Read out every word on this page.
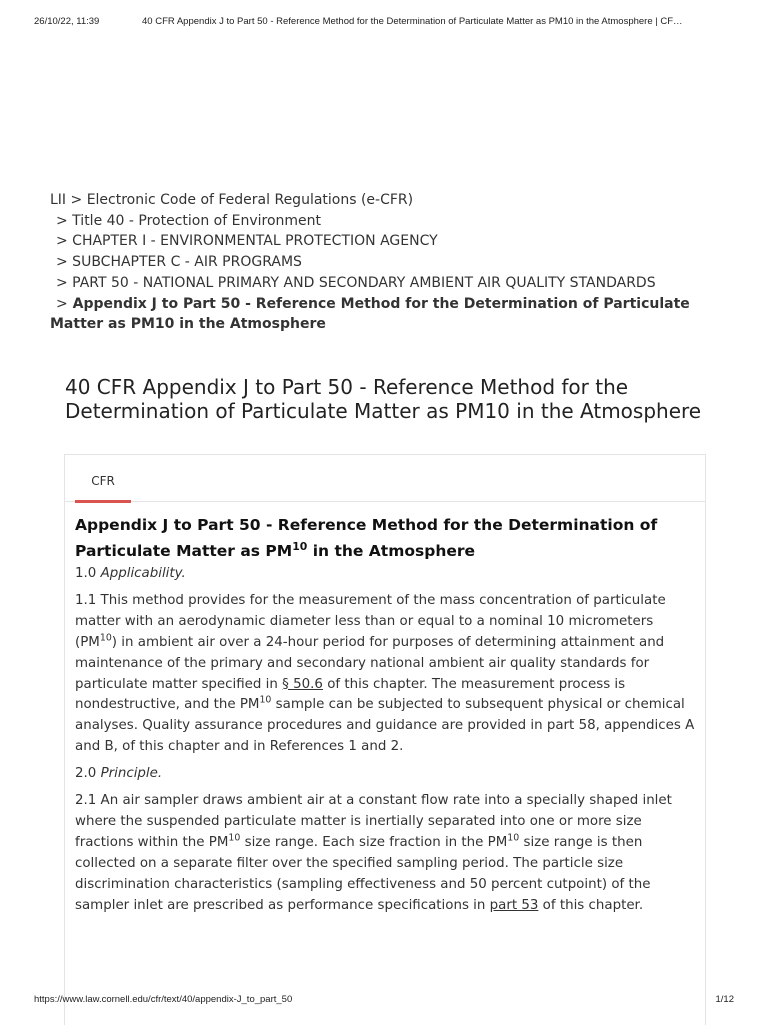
26/10/22, 11:39	40 CFR Appendix J to Part 50 - Reference Method for the Determination of Particulate Matter as PM10 in the Atmosphere | CF…
LII > Electronic Code of Federal Regulations (e-CFR)
> Title 40 - Protection of Environment
> CHAPTER I - ENVIRONMENTAL PROTECTION AGENCY
> SUBCHAPTER C - AIR PROGRAMS
> PART 50 - NATIONAL PRIMARY AND SECONDARY AMBIENT AIR QUALITY STANDARDS
> Appendix J to Part 50 - Reference Method for the Determination of Particulate Matter as PM10 in the Atmosphere
40 CFR Appendix J to Part 50 - Reference Method for the Determination of Particulate Matter as PM10 in the Atmosphere
CFR
Appendix J to Part 50 - Reference Method for the Determination of Particulate Matter as PM$^{10}$ in the Atmosphere

1.0 Applicability.

1.1 This method provides for the measurement of the mass concentration of particulate matter with an aerodynamic diameter less than or equal to a nominal 10 micrometers (PM$^{10}$) in ambient air over a 24-hour period for purposes of determining attainment and maintenance of the primary and secondary national ambient air quality standards for particulate matter specified in § 50.6 of this chapter. The measurement process is nondestructive, and the PM$^{10}$ sample can be subjected to subsequent physical or chemical analyses. Quality assurance procedures and guidance are provided in part 58, appendices A and B, of this chapter and in References 1 and 2.

2.0 Principle.

2.1 An air sampler draws ambient air at a constant flow rate into a specially shaped inlet where the suspended particulate matter is inertially separated into one or more size fractions within the PM$^{10}$ size range. Each size fraction in the PM$^{10}$ size range is then collected on a separate filter over the specified sampling period. The particle size discrimination characteristics (sampling effectiveness and 50 percent cutpoint) of the sampler inlet are prescribed as performance specifications in part 53 of this chapter.

https://www.law.cornell.edu/cfr/text/40/appendix-J_to_part_50	1/12
